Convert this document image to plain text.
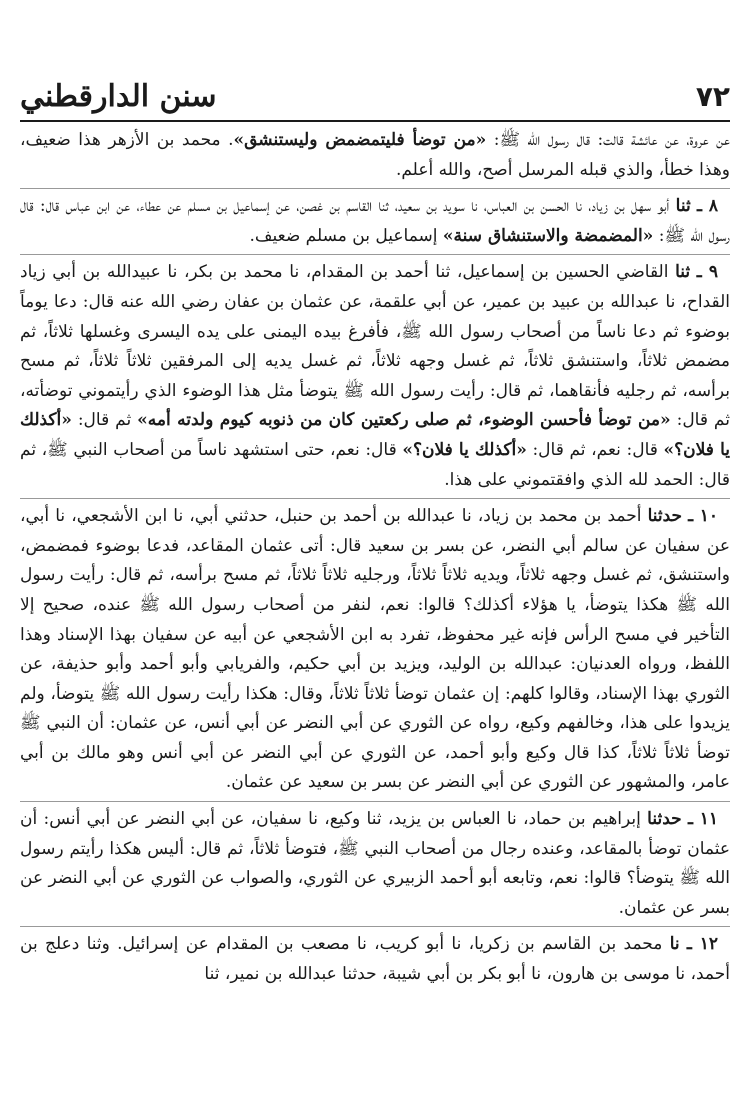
٧٢
سنن الدارقطني

عن عروة، عن عائشة قالت: قال رسول الله ﷺ: «من توضأ فليتمضمض وليستنشق». محمد بن الأزهر هذا ضعيف، وهذا خطأ، والذي قبله المرسل أصح، والله أعلم.

٨ ـ ثنا أبو سهل بن زياد، نا الحسن بن العباس، نا سويد بن سعيد، ثنا القاسم بن غصن، عن إسماعيل بن مسلم عن عطاء، عن ابن عباس قال: قال رسول الله ﷺ: «المضمضة والاستنشاق سنة» إسماعيل بن مسلم ضعيف.

٩ ـ ثنا القاضي الحسين بن إسماعيل، ثنا أحمد بن المقدام، نا محمد بن بكر، نا عبيدالله بن أبي زياد القداح، نا عبدالله بن عبيد بن عمير، عن أبي علقمة، عن عثمان بن عفان رضي الله عنه قال: دعا يوماً بوضوء ثم دعا ناساً من أصحاب رسول الله ﷺ، فأفرغ بيده اليمنى على يده اليسرى وغسلها ثلاثاً، ثم مضمض ثلاثاً، واستنشق ثلاثاً، ثم غسل وجهه ثلاثاً، ثم غسل يديه إلى المرفقين ثلاثاً ثلاثاً، ثم مسح برأسه، ثم رجليه فأنقاهما، ثم قال: رأيت رسول الله ﷺ يتوضأ مثل هذا الوضوء الذي رأيتموني توضأته، ثم قال: «من توضأ فأحسن الوضوء، ثم صلى ركعتين كان من ذنوبه كيوم ولدته أمه» ثم قال: «أكذلك يا فلان؟» قال: نعم، ثم قال: «أكذلك يا فلان؟» قال: نعم، حتى استشهد ناساً من أصحاب النبي ﷺ، ثم قال: الحمد لله الذي وافقتموني على هذا.

١٠ ـ حدثنا أحمد بن محمد بن زياد، نا عبدالله بن أحمد بن حنبل، حدثني أبي، نا ابن الأشجعي، نا أبي، عن سفيان عن سالم أبي النضر، عن بسر بن سعيد قال: أتى عثمان المقاعد، فدعا بوضوء فمضمض، واستنشق، ثم غسل وجهه ثلاثاً، ويديه ثلاثاً ثلاثاً، ورجليه ثلاثاً ثلاثاً، ثم مسح برأسه، ثم قال: رأيت رسول الله ﷺ هكذا يتوضأ، يا هؤلاء أكذلك؟ قالوا: نعم، لنفر من أصحاب رسول الله ﷺ عنده، صحيح إلا التأخير في مسح الرأس فإنه غير محفوظ، تفرد به ابن الأشجعي عن أبيه عن سفيان بهذا الإسناد وهذا اللفظ، ورواه العدنيان: عبدالله بن الوليد، ويزيد بن أبي حكيم، والفريابي وأبو أحمد وأبو حذيفة، عن الثوري بهذا الإسناد، وقالوا كلهم: إن عثمان توضأ ثلاثاً ثلاثاً، وقال: هكذا رأيت رسول الله ﷺ يتوضأ، ولم يزيدوا على هذا، وخالفهم وكيع، رواه عن الثوري عن أبي النضر عن أبي أنس، عن عثمان: أن النبي ﷺ توضأ ثلاثاً ثلاثاً، كذا قال وكيع وأبو أحمد، عن الثوري عن أبي النضر عن أبي أنس وهو مالك بن أبي عامر، والمشهور عن الثوري عن أبي النضر عن بسر بن سعيد عن عثمان.

١١ ـ حدثنا إبراهيم بن حماد، نا العباس بن يزيد، ثنا وكيع، نا سفيان، عن أبي النضر عن أبي أنس: أن عثمان توضأ بالمقاعد، وعنده رجال من أصحاب النبي ﷺ، فتوضأ ثلاثاً، ثم قال: أليس هكذا رأيتم رسول الله ﷺ يتوضأ؟ قالوا: نعم، وتابعه أبو أحمد الزبيري عن الثوري، والصواب عن الثوري عن أبي النضر عن بسر عن عثمان.

١٢ ـ نا محمد بن القاسم بن زكريا، نا أبو كريب، نا مصعب بن المقدام عن إسرائيل. وثنا دعلج بن أحمد، نا موسى بن هارون، نا أبو بكر بن أبي شيبة، حدثنا عبدالله بن نمير، ثنا
